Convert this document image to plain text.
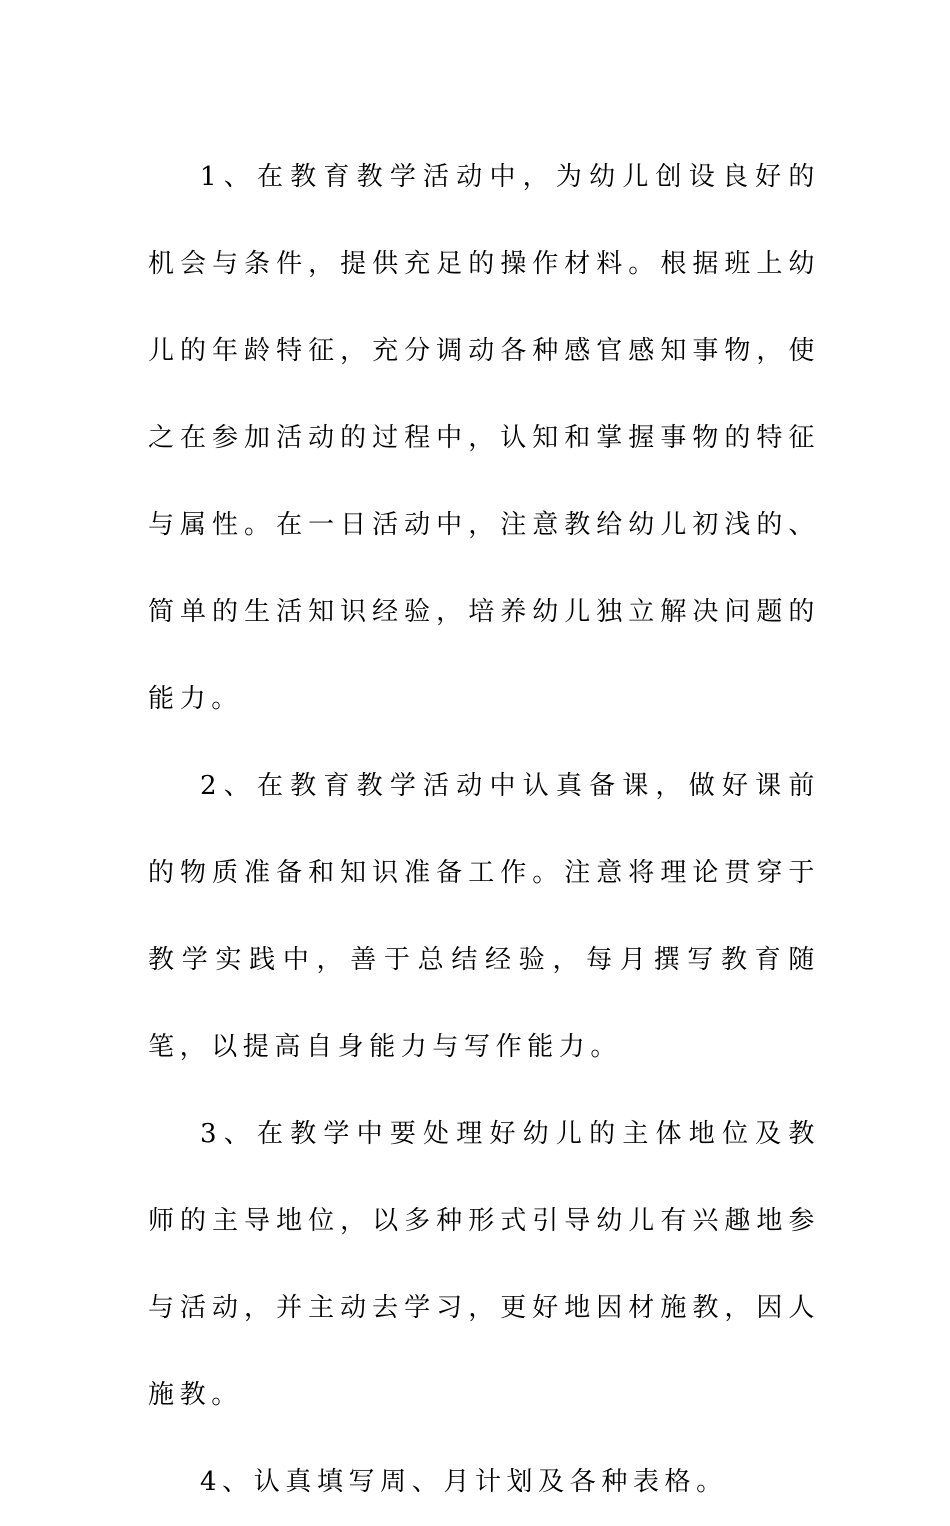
1、在教育教学活动中，为幼儿创设良好的机会与条件，提供充足的操作材料。根据班上幼儿的年龄特征，充分调动各种感官感知事物，使之在参加活动的过程中，认知和掌握事物的特征与属性。在一日活动中，注意教给幼儿初浅的、简单的生活知识经验，培养幼儿独立解决问题的能力。

2、在教育教学活动中认真备课，做好课前的物质准备和知识准备工作。注意将理论贯穿于教学实践中，善于总结经验，每月撰写教育随笔，以提高自身能力与写作能力。

3、在教学中要处理好幼儿的主体地位及教师的主导地位，以多种形式引导幼儿有兴趣地参与活动，并主动去学习，更好地因材施教，因人施教。

4、认真填写周、月计划及各种表格。
